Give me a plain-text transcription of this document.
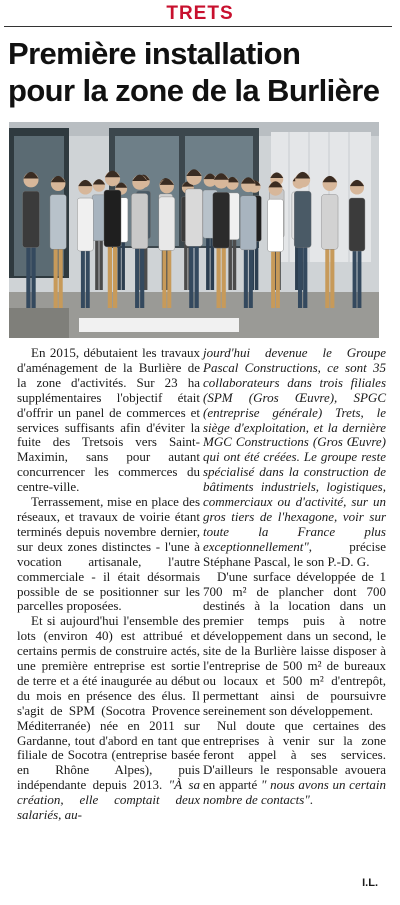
TRETS
Première installation
pour la zone de la Burlière

En 2015, débutaient les travaux d'aménagement de la Burlière de la zone d'activités. Sur 23 ha supplémentaires l'objectif était d'offrir un panel de commerces et services suffisants afin d'éviter la fuite des Tretsois vers Saint-Maximin, sans pour autant concurrencer les commerces du centre-ville.

Terrassement, mise en place des réseaux, et travaux de voirie étant terminés depuis novembre dernier, sur deux zones distinctes - l'une à vocation artisanale, l'autre commerciale - il était désormais possible de se positionner sur les parcelles proposées.

Et si aujourd'hui l'ensemble des lots (environ 40) est attribué et certains permis de construire actés, une première entreprise est sortie de terre et a été inaugurée au début du mois en présence des élus. Il s'agit de SPM (Socotra Provence Méditerranée) née en 2011 sur Gardanne, tout d'abord en tant que filiale de Socotra (entreprise basée en Rhône Alpes), puis indépendante depuis 2013. "À sa création, elle comptait deux salariés, au-

jourd'hui devenue le Groupe Pascal Constructions, ce sont 35 collaborateurs dans trois filiales (SPM (Gros Œuvre), SPGC (entreprise générale) Trets, le siège d'exploitation, et la dernière MGC Constructions (Gros Œuvre) qui ont été créées. Le groupe reste spécialisé dans la construction de bâtiments industriels, logistiques, commerciaux ou d'activité, sur un gros tiers de l'hexagone, voir sur toute la France plus exceptionnellement", précise Stéphane Pascal, le son P.-D. G.

D'une surface développée de 1 700 m² de plancher dont 700 destinés à la location dans un premier temps puis à notre développement dans un second, le site de la Burlière laisse disposer à l'entreprise de 500 m² de bureaux ou locaux et 500 m² d'entrepôt, permettant ainsi de poursuivre sereinement son développement.

Nul doute que certaines des entreprises à venir sur la zone feront appel à ses services. D'ailleurs le responsable avouera en apparté " nous avons un certain nombre de contacts".

I.L.
